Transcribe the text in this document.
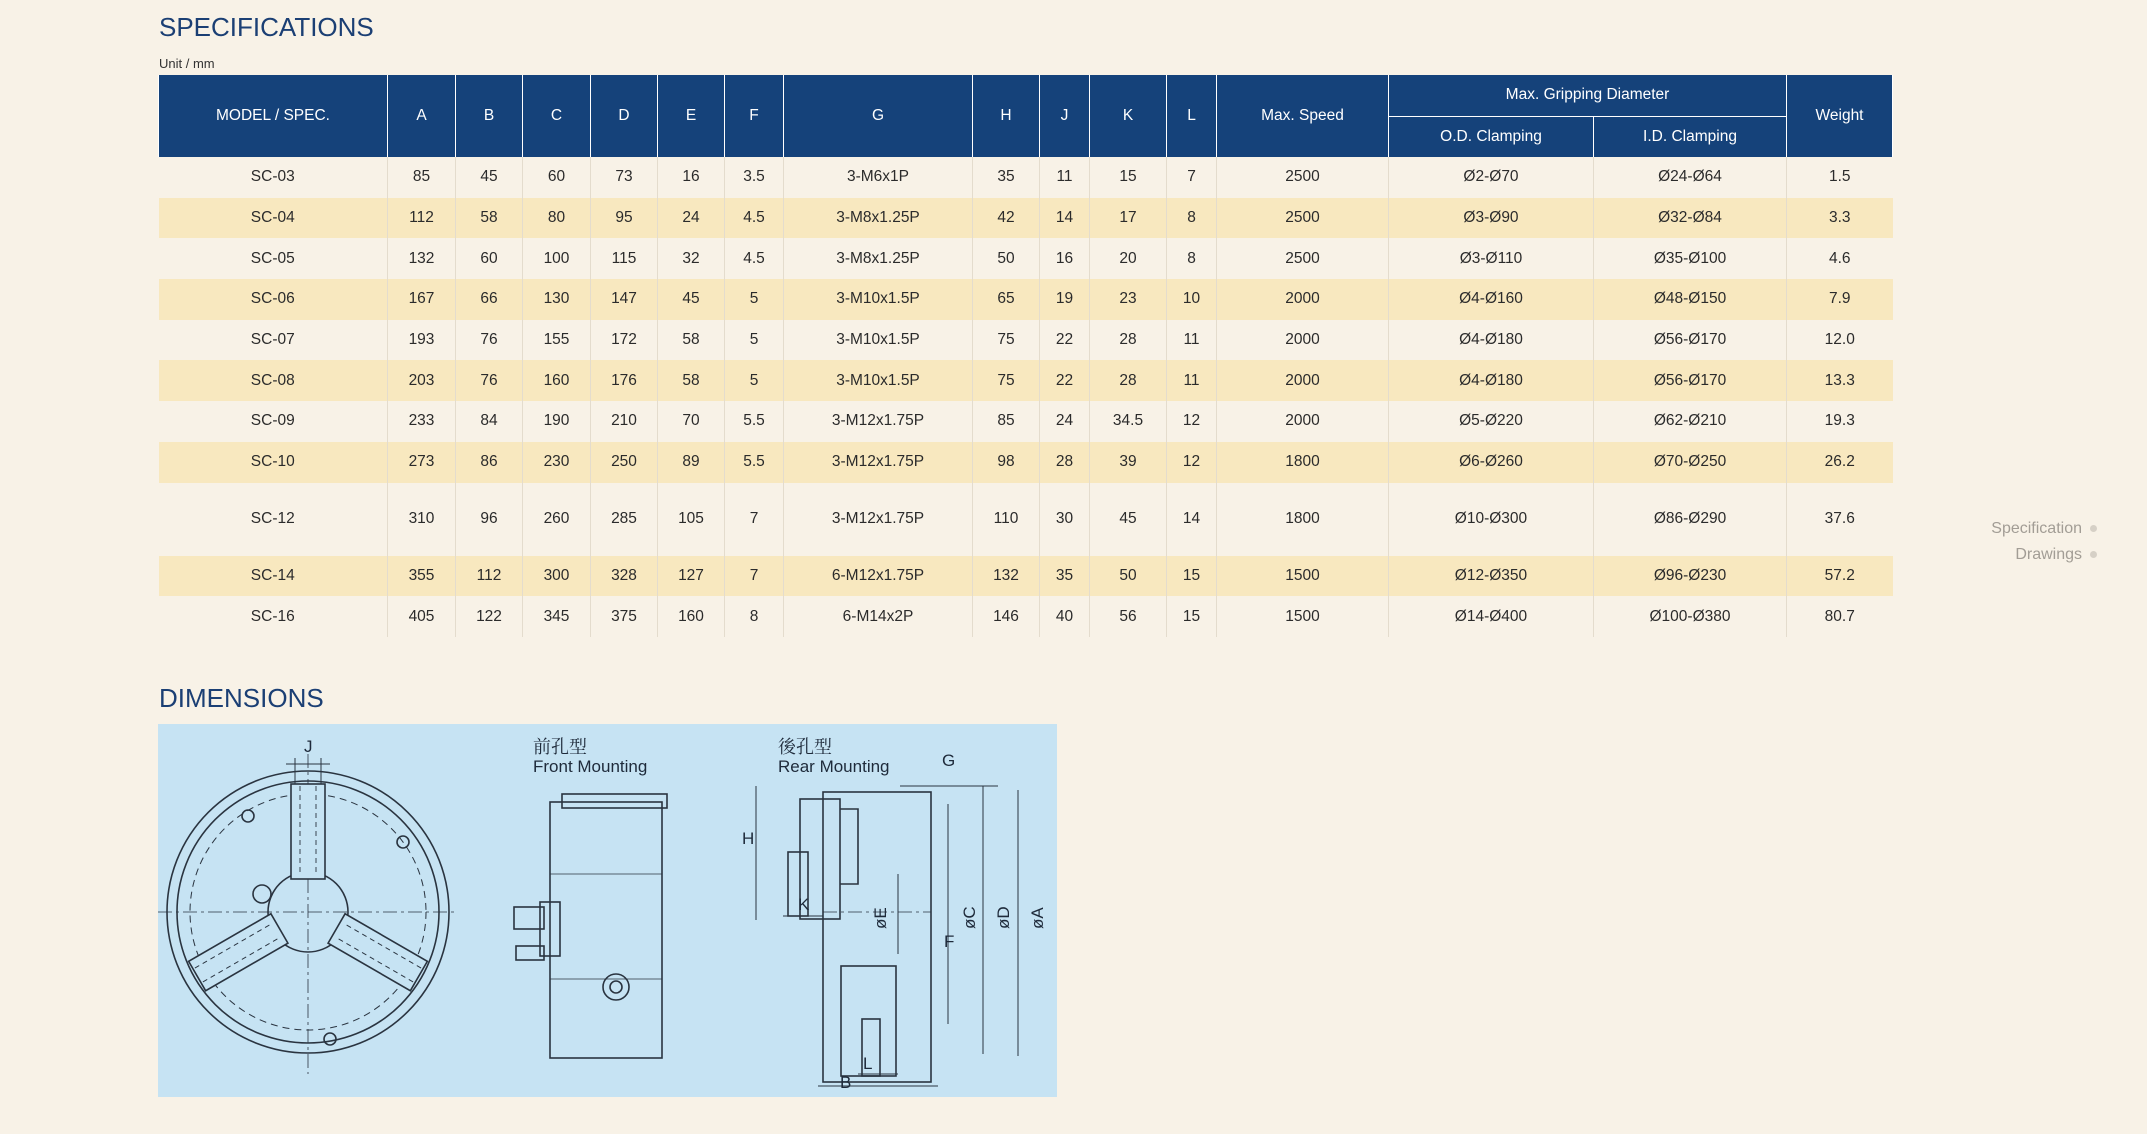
SPECIFICATIONS
Unit / mm
MODEL / SPEC.	A	B	C	D	E	F	G	H	J	K	L	Max. Speed	Max. Gripping Diameter		Weight
													O.D. Clamping	I.D. Clamping	
SC-03	85	45	60	73	16	3.5	3-M6x1P	35	11	15	7	2500	Ø2-Ø70	Ø24-Ø64	1.5
SC-04	112	58	80	95	24	4.5	3-M8x1.25P	42	14	17	8	2500	Ø3-Ø90	Ø32-Ø84	3.3
SC-05	132	60	100	115	32	4.5	3-M8x1.25P	50	16	20	8	2500	Ø3-Ø110	Ø35-Ø100	4.6
SC-06	167	66	130	147	45	5	3-M10x1.5P	65	19	23	10	2000	Ø4-Ø160	Ø48-Ø150	7.9
SC-07	193	76	155	172	58	5	3-M10x1.5P	75	22	28	11	2000	Ø4-Ø180	Ø56-Ø170	12.0
SC-08	203	76	160	176	58	5	3-M10x1.5P	75	22	28	11	2000	Ø4-Ø180	Ø56-Ø170	13.3
SC-09	233	84	190	210	70	5.5	3-M12x1.75P	85	24	34.5	12	2000	Ø5-Ø220	Ø62-Ø210	19.3
SC-10	273	86	230	250	89	5.5	3-M12x1.75P	98	28	39	12	1800	Ø6-Ø260	Ø70-Ø250	26.2
SC-12	310	96	260	285	105	7	3-M12x1.75P	110	30	45	14	1800	Ø10-Ø300	Ø86-Ø290	37.6
SC-14	355	112	300	328	127	7	6-M12x1.75P	132	35	50	15	1500	Ø12-Ø350	Ø96-Ø230	57.2
SC-16	405	122	345	375	160	8	6-M14x2P	146	40	56	15	1500	Ø14-Ø400	Ø100-Ø380	80.7
Specification
Drawings
DIMENSIONS
J	前孔型
Front Mounting
後孔型
Rear Mounting	G
H
K
øE
F
øC øD øA
L
B
